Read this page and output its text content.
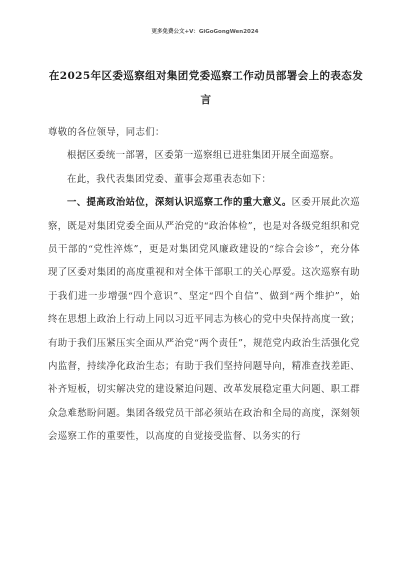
更多免费公文+V：GiGoGongWen2024
在2025年区委巡察组对集团党委巡察工作动员部署会上的表态发言

尊敬的各位领导，同志们：

根据区委统一部署，区委第一巡察组已进驻集团开展全面巡察。

在此，我代表集团党委、董事会郑重表态如下：

一、提高政治站位，深刻认识巡察工作的重大意义。区委开展此次巡察，既是对集团党委全面从严治党的“政治体检”，也是对各级党组织和党员干部的“党性淬炼”，更是对集团党风廉政建设的“综合会诊”，充分体现了区委对集团的高度重视和对全体干部职工的关心厚爱。这次巡察有助于我们进一步增强“四个意识”、坚定“四个自信”、做到“两个维护”，始终在思想上政治上行动上同以习近平同志为核心的党中央保持高度一致；有助于我们压紧压实全面从严治党“两个责任”，规范党内政治生活强化党内监督，持续净化政治生态；有助于我们坚持问题导向，精准查找差距、补齐短板，切实解决党的建设紧迫问题、改革发展稳定重大问题、职工群众急难愁盼问题。集团各级党员干部必须站在政治和全局的高度，深刻领会巡察工作的重要性，以高度的自觉接受监督、以务实的行
